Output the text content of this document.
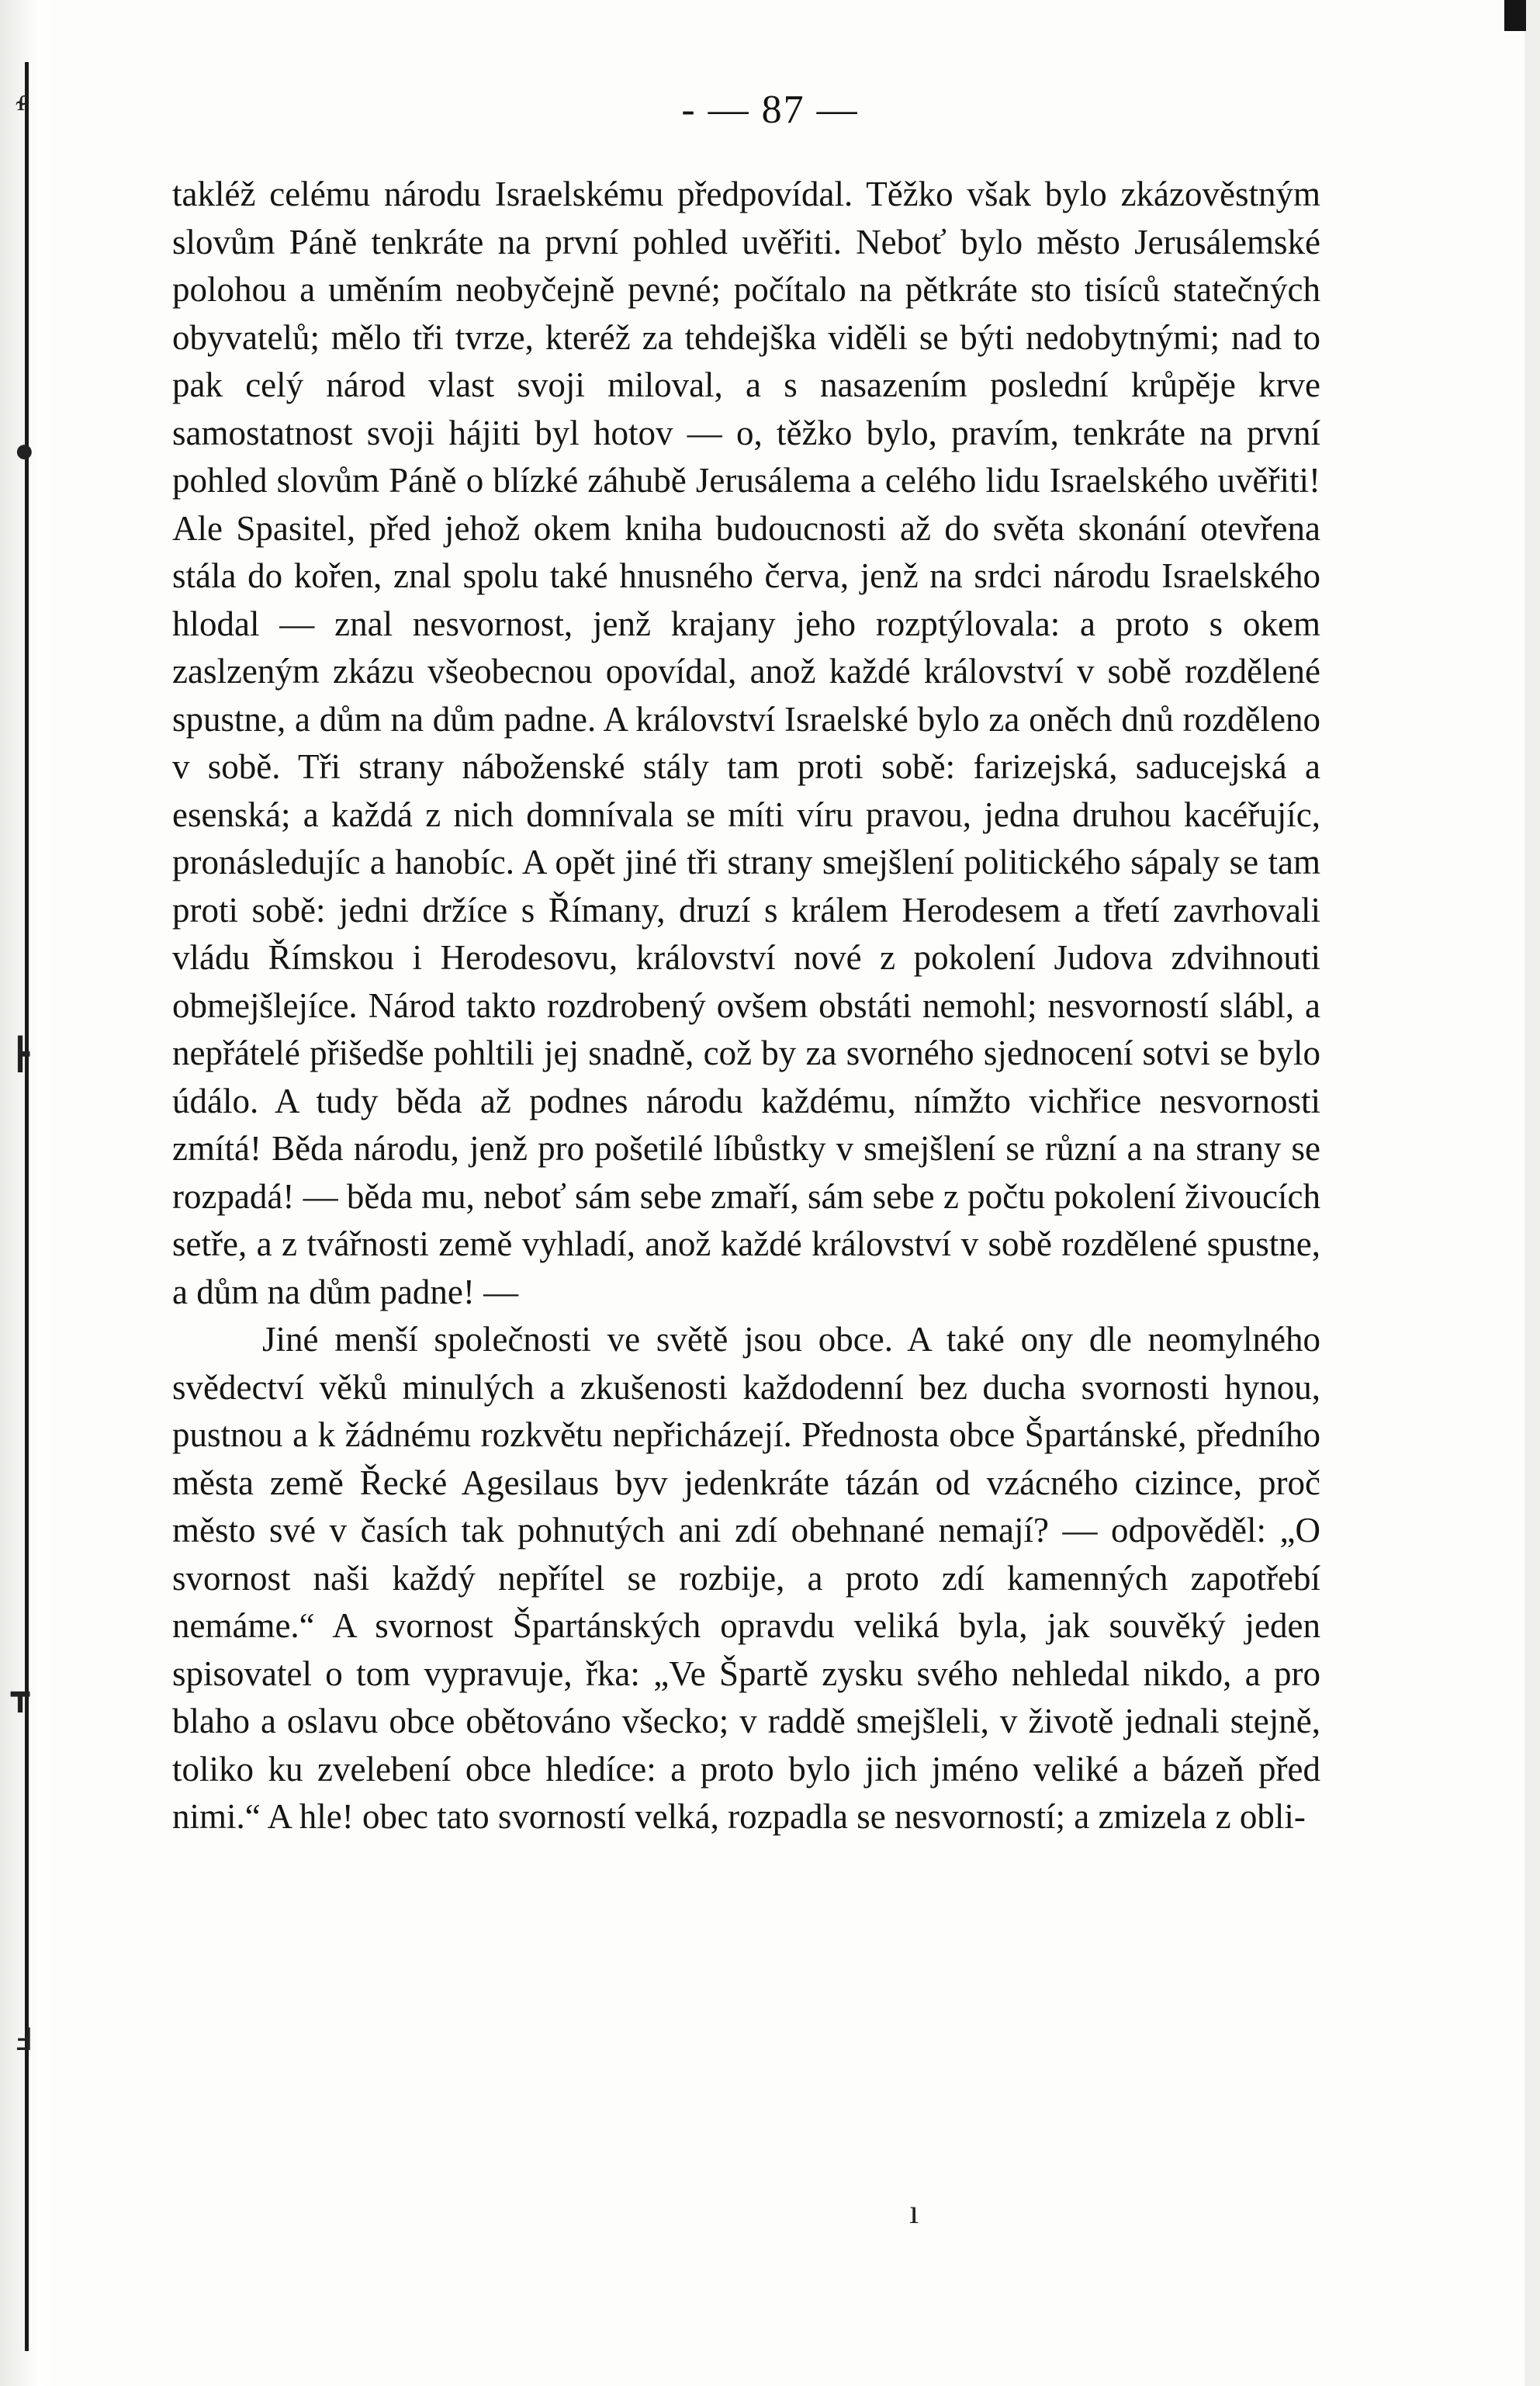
ᵳ
●
┣
┳
Ⅎ
ı
- — 87 —

takléž celému národu Israelskému předpovídal. Těžko však bylo zkázověstným slovům Páně tenkráte na první pohled uvěřiti. Neboť bylo město Jerusálemské polohou a uměním neobyčejně pevné; počítalo na pětkráte sto tisíců statečných obyvatelů; mělo tři tvrze, kteréž za tehdejška viděli se býti nedobytnými; nad to pak celý národ vlast svoji miloval, a s nasazením poslední krůpěje krve samostatnost svoji hájiti byl hotov — o, těžko bylo, pravím, tenkráte na první pohled slovům Páně o blízké záhubě Jerusálema a celého lidu Israelského uvěřiti! Ale Spasitel, před jehož okem kniha budoucnosti až do světa skonání otevřena stála do kořen, znal spolu také hnusného červa, jenž na srdci národu Israelského hlodal — znal nesvornost, jenž krajany jeho rozptýlovala: a proto s okem zaslzeným zkázu všeobecnou opovídal, anož každé království v sobě rozdělené spustne, a dům na dům padne. A království Israelské bylo za oněch dnů rozděleno v sobě. Tři strany náboženské stály tam proti sobě: farizejská, saducejská a esenská; a každá z nich domnívala se míti víru pravou, jedna druhou kacéřujíc, pronásledujíc a hanobíc. A opět jiné tři strany smejšlení politického sápaly se tam proti sobě: jedni držíce s Římany, druzí s králem Herodesem a třetí zavrhovali vládu Římskou i Herodesovu, království nové z pokolení Judova zdvihnouti obmejšlejíce. Národ takto rozdrobený ovšem obstáti nemohl; nesvorností slábl, a nepřátelé přišedše pohltili jej snadně, což by za svorného sjednocení sotvi se bylo údálo. A tudy běda až podnes národu každému, nímžto vichřice nesvornosti zmítá! Běda národu, jenž pro pošetilé líbůstky v smejšlení se různí a na strany se rozpadá! — běda mu, neboť sám sebe zmaří, sám sebe z počtu pokolení živoucích setře, a z tvářnosti země vyhladí, anož každé království v sobě rozdělené spustne, a dům na dům padne! —

Jiné menší společnosti ve světě jsou obce. A také ony dle neomylného svědectví věků minulých a zkušenosti každodenní bez ducha svornosti hynou, pustnou a k žádnému rozkvětu nepřicházejí. Přednosta obce Špartánské, předního města země Řecké Agesilaus byv jedenkráte tázán od vzácného cizince, proč město své v časích tak pohnutých ani zdí obehnané nemají? — odpověděl: „O svornost naši každý nepřítel se rozbije, a proto zdí kamenných zapotřebí nemáme.“ A svornost Špartánských opravdu veliká byla, jak souvěký jeden spisovatel o tom vypravuje, řka: „Ve Špartě zysku svého nehledal nikdo, a pro blaho a oslavu obce obětováno všecko; v raddě smejšleli, v životě jednali stejně, toliko ku zvelebení obce hledíce: a proto bylo jich jméno veliké a bázeň před nimi.“ A hle! obec tato svorností velká, rozpadla se nesvorností; a zmizela z obli-
